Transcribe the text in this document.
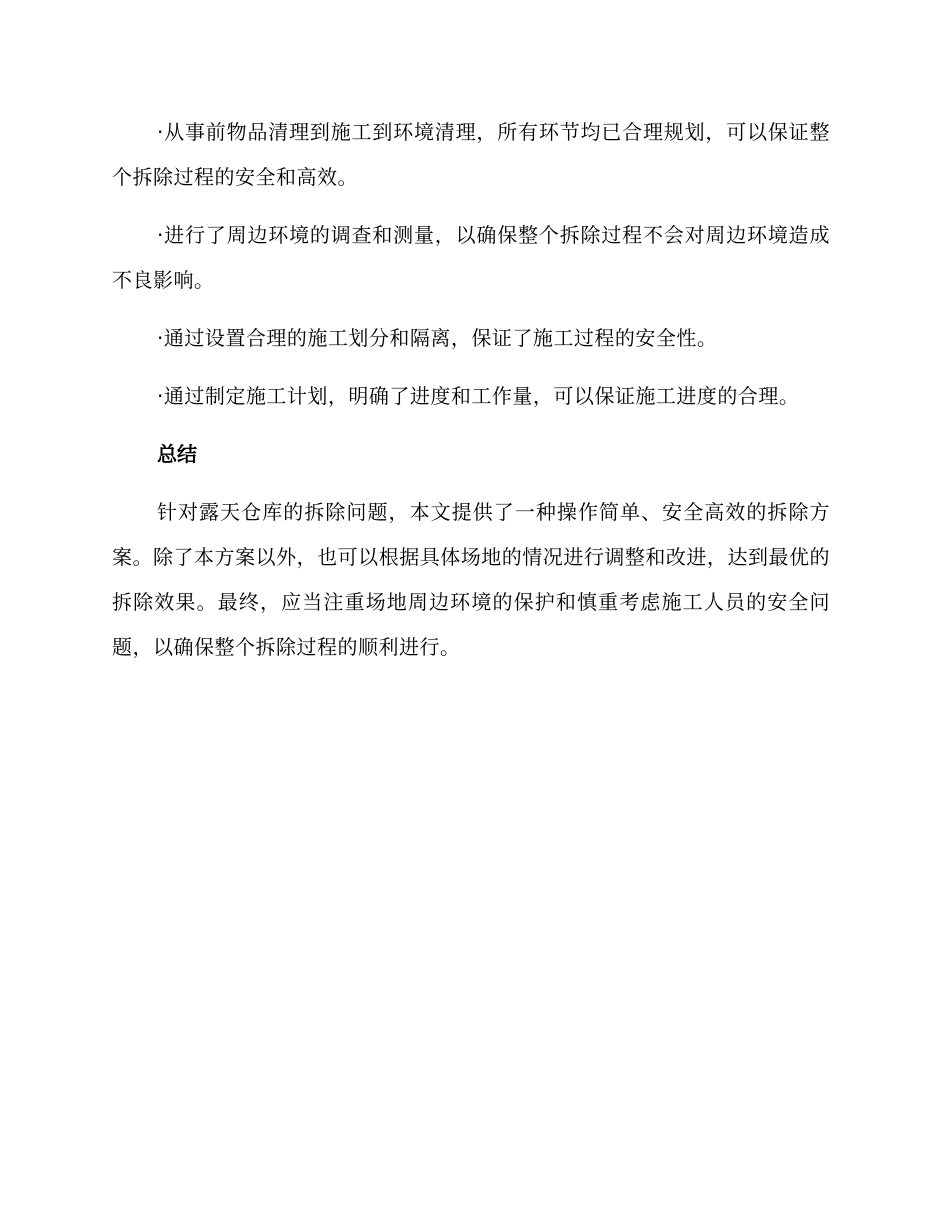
·从事前物品清理到施工到环境清理，所有环节均已合理规划，可以保证整个拆除过程的安全和高效。

·进行了周边环境的调查和测量，以确保整个拆除过程不会对周边环境造成不良影响。

·通过设置合理的施工划分和隔离，保证了施工过程的安全性。

·通过制定施工计划，明确了进度和工作量，可以保证施工进度的合理。

总结

针对露天仓库的拆除问题，本文提供了一种操作简单、安全高效的拆除方案。除了本方案以外，也可以根据具体场地的情况进行调整和改进，达到最优的拆除效果。最终，应当注重场地周边环境的保护和慎重考虑施工人员的安全问题，以确保整个拆除过程的顺利进行。
